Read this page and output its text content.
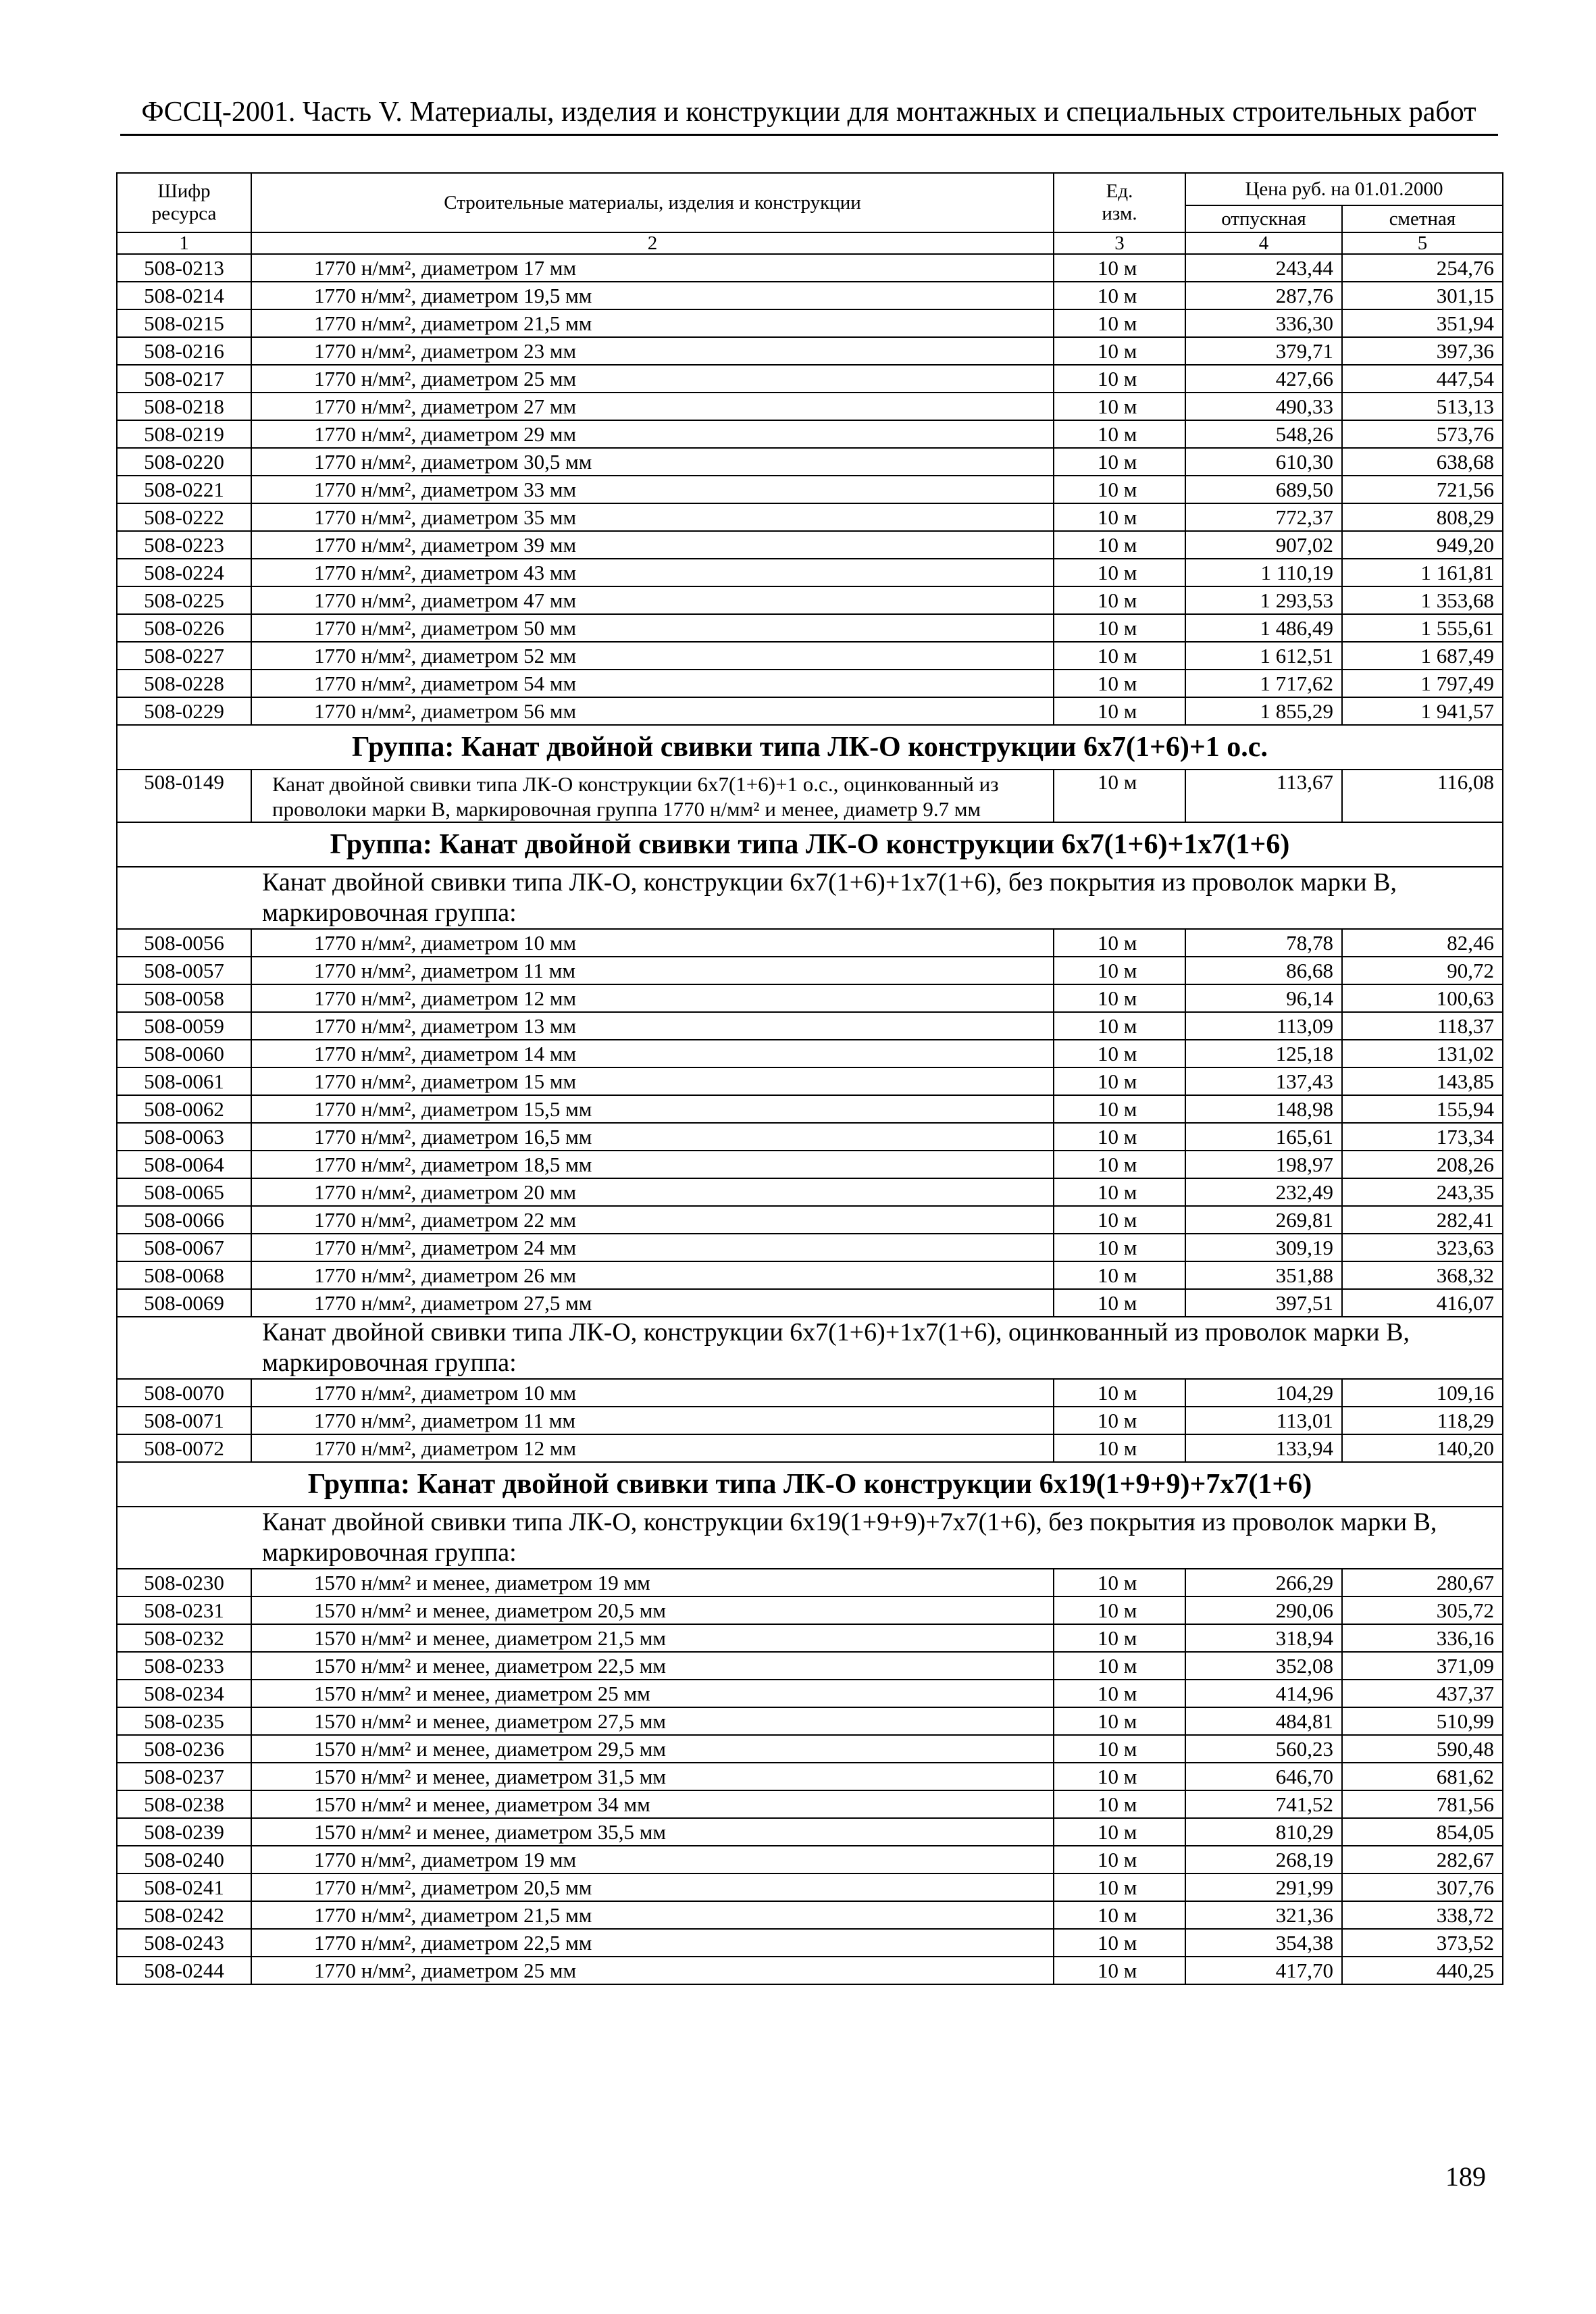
ФССЦ-2001. Часть V. Материалы, изделия и конструкции для монтажных и специальных строительных работ
Шифр
ресурса	Строительные материалы, изделия и конструкции	Ед.
изм.	Цена руб. на 01.01.2000	
			отпускная	сметная
1	2	3	4	5
508-0213	1770 н/мм², диаметром 17 мм	10 м	243,44	254,76
508-0214	1770 н/мм², диаметром 19,5 мм	10 м	287,76	301,15
508-0215	1770 н/мм², диаметром 21,5 мм	10 м	336,30	351,94
508-0216	1770 н/мм², диаметром 23 мм	10 м	379,71	397,36
508-0217	1770 н/мм², диаметром 25 мм	10 м	427,66	447,54
508-0218	1770 н/мм², диаметром 27 мм	10 м	490,33	513,13
508-0219	1770 н/мм², диаметром 29 мм	10 м	548,26	573,76
508-0220	1770 н/мм², диаметром 30,5 мм	10 м	610,30	638,68
508-0221	1770 н/мм², диаметром 33 мм	10 м	689,50	721,56
508-0222	1770 н/мм², диаметром 35 мм	10 м	772,37	808,29
508-0223	1770 н/мм², диаметром 39 мм	10 м	907,02	949,20
508-0224	1770 н/мм², диаметром 43 мм	10 м	1 110,19	1 161,81
508-0225	1770 н/мм², диаметром 47 мм	10 м	1 293,53	1 353,68
508-0226	1770 н/мм², диаметром 50 мм	10 м	1 486,49	1 555,61
508-0227	1770 н/мм², диаметром 52 мм	10 м	1 612,51	1 687,49
508-0228	1770 н/мм², диаметром 54 мм	10 м	1 717,62	1 797,49
508-0229	1770 н/мм², диаметром 56 мм	10 м	1 855,29	1 941,57
Группа: Канат двойной свивки типа ЛК-О конструкции 6х7(1+6)+1 о.с.				
508-0149	Канат двойной свивки типа ЛК-О конструкции 6х7(1+6)+1 о.с., оцинкованный из проволоки марки В, маркировочная группа 1770 н/мм² и менее, диаметр 9.7 мм	10 м	113,67	116,08
Группа: Канат двойной свивки типа ЛК-О конструкции 6х7(1+6)+1х7(1+6)				
Канат двойной свивки типа ЛК-О, конструкции 6х7(1+6)+1х7(1+6), без покрытия из проволок марки В, маркировочная группа:				
508-0056	1770 н/мм², диаметром 10 мм	10 м	78,78	82,46
508-0057	1770 н/мм², диаметром 11 мм	10 м	86,68	90,72
508-0058	1770 н/мм², диаметром 12 мм	10 м	96,14	100,63
508-0059	1770 н/мм², диаметром 13 мм	10 м	113,09	118,37
508-0060	1770 н/мм², диаметром 14 мм	10 м	125,18	131,02
508-0061	1770 н/мм², диаметром 15 мм	10 м	137,43	143,85
508-0062	1770 н/мм², диаметром 15,5 мм	10 м	148,98	155,94
508-0063	1770 н/мм², диаметром 16,5 мм	10 м	165,61	173,34
508-0064	1770 н/мм², диаметром 18,5 мм	10 м	198,97	208,26
508-0065	1770 н/мм², диаметром 20 мм	10 м	232,49	243,35
508-0066	1770 н/мм², диаметром 22 мм	10 м	269,81	282,41
508-0067	1770 н/мм², диаметром 24 мм	10 м	309,19	323,63
508-0068	1770 н/мм², диаметром 26 мм	10 м	351,88	368,32
508-0069	1770 н/мм², диаметром 27,5 мм	10 м	397,51	416,07
Канат двойной свивки типа ЛК-О, конструкции 6х7(1+6)+1х7(1+6), оцинкованный из проволок марки В, маркировочная группа:				
508-0070	1770 н/мм², диаметром 10 мм	10 м	104,29	109,16
508-0071	1770 н/мм², диаметром 11 мм	10 м	113,01	118,29
508-0072	1770 н/мм², диаметром 12 мм	10 м	133,94	140,20
Группа: Канат двойной свивки типа ЛК-О конструкции 6х19(1+9+9)+7х7(1+6)				
Канат двойной свивки типа ЛК-О, конструкции 6х19(1+9+9)+7х7(1+6), без покрытия из проволок марки В, маркировочная группа:				
508-0230	1570 н/мм² и менее, диаметром 19 мм	10 м	266,29	280,67
508-0231	1570 н/мм² и менее, диаметром 20,5 мм	10 м	290,06	305,72
508-0232	1570 н/мм² и менее, диаметром 21,5 мм	10 м	318,94	336,16
508-0233	1570 н/мм² и менее, диаметром 22,5 мм	10 м	352,08	371,09
508-0234	1570 н/мм² и менее, диаметром 25 мм	10 м	414,96	437,37
508-0235	1570 н/мм² и менее, диаметром 27,5 мм	10 м	484,81	510,99
508-0236	1570 н/мм² и менее, диаметром 29,5 мм	10 м	560,23	590,48
508-0237	1570 н/мм² и менее, диаметром 31,5 мм	10 м	646,70	681,62
508-0238	1570 н/мм² и менее, диаметром 34 мм	10 м	741,52	781,56
508-0239	1570 н/мм² и менее, диаметром 35,5 мм	10 м	810,29	854,05
508-0240	1770 н/мм², диаметром 19 мм	10 м	268,19	282,67
508-0241	1770 н/мм², диаметром 20,5 мм	10 м	291,99	307,76
508-0242	1770 н/мм², диаметром 21,5 мм	10 м	321,36	338,72
508-0243	1770 н/мм², диаметром 22,5 мм	10 м	354,38	373,52
508-0244	1770 н/мм², диаметром 25 мм	10 м	417,70	440,25
189
